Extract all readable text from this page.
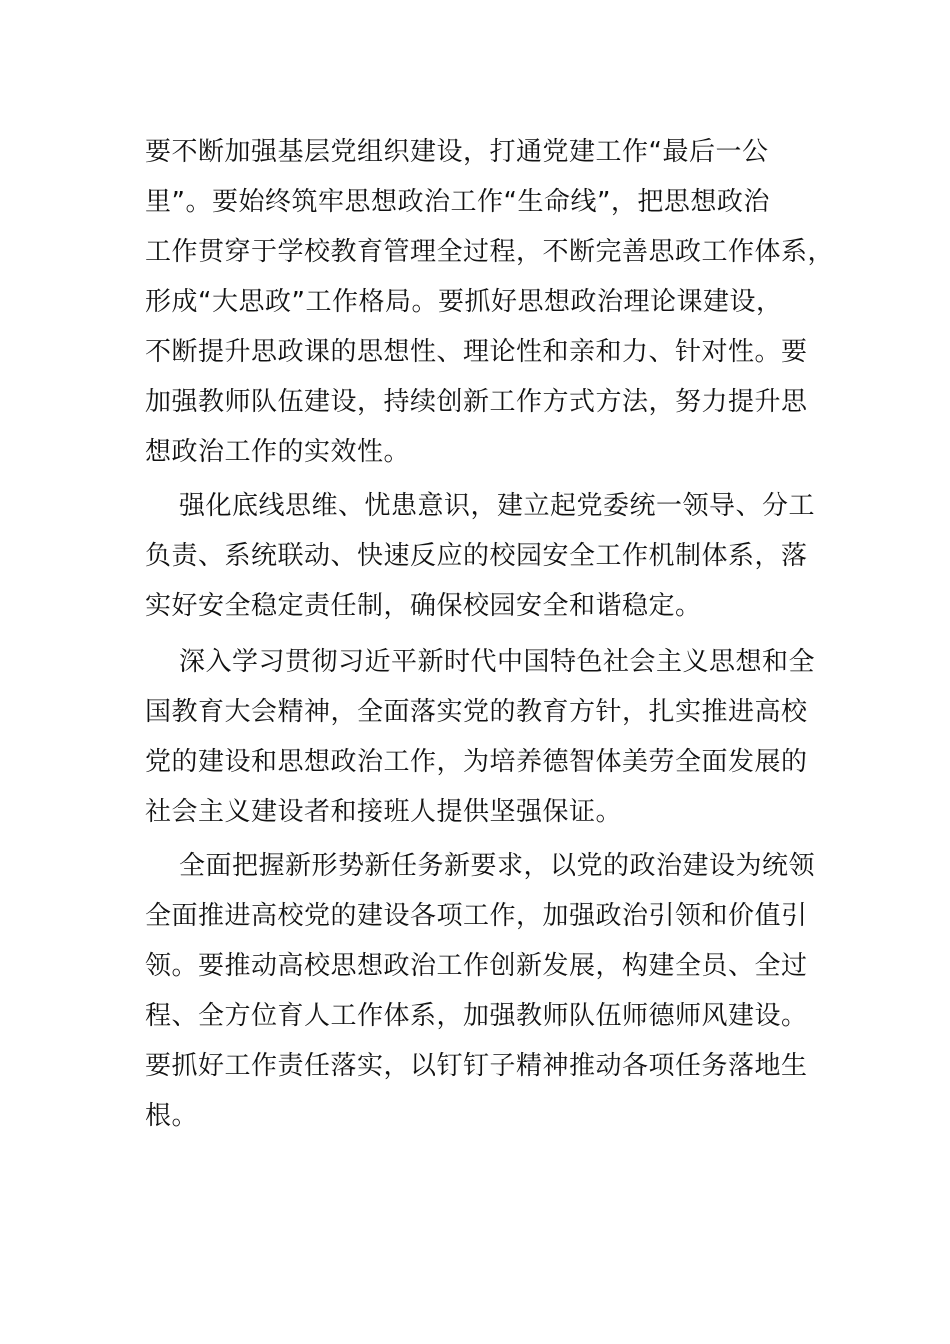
要不断加强基层党组织建设，打通党建工作“最后一公
里”。要始终筑牢思想政治工作“生命线”，把思想政治
工作贯穿于学校教育管理全过程，不断完善思政工作体系，
形成“大思政”工作格局。要抓好思想政治理论课建设，
不断提升思政课的思想性、理论性和亲和力、针对性。要
加强教师队伍建设，持续创新工作方式方法，努力提升思
想政治工作的实效性。
强化底线思维、忧患意识，建立起党委统一领导、分工
负责、系统联动、快速反应的校园安全工作机制体系，落
实好安全稳定责任制，确保校园安全和谐稳定。
深入学习贯彻习近平新时代中国特色社会主义思想和全
国教育大会精神，全面落实党的教育方针，扎实推进高校
党的建设和思想政治工作，为培养德智体美劳全面发展的
社会主义建设者和接班人提供坚强保证。
全面把握新形势新任务新要求，以党的政治建设为统领
全面推进高校党的建设各项工作，加强政治引领和价值引
领。要推动高校思想政治工作创新发展，构建全员、全过
程、全方位育人工作体系，加强教师队伍师德师风建设。
要抓好工作责任落实，以钉钉子精神推动各项任务落地生
根。
